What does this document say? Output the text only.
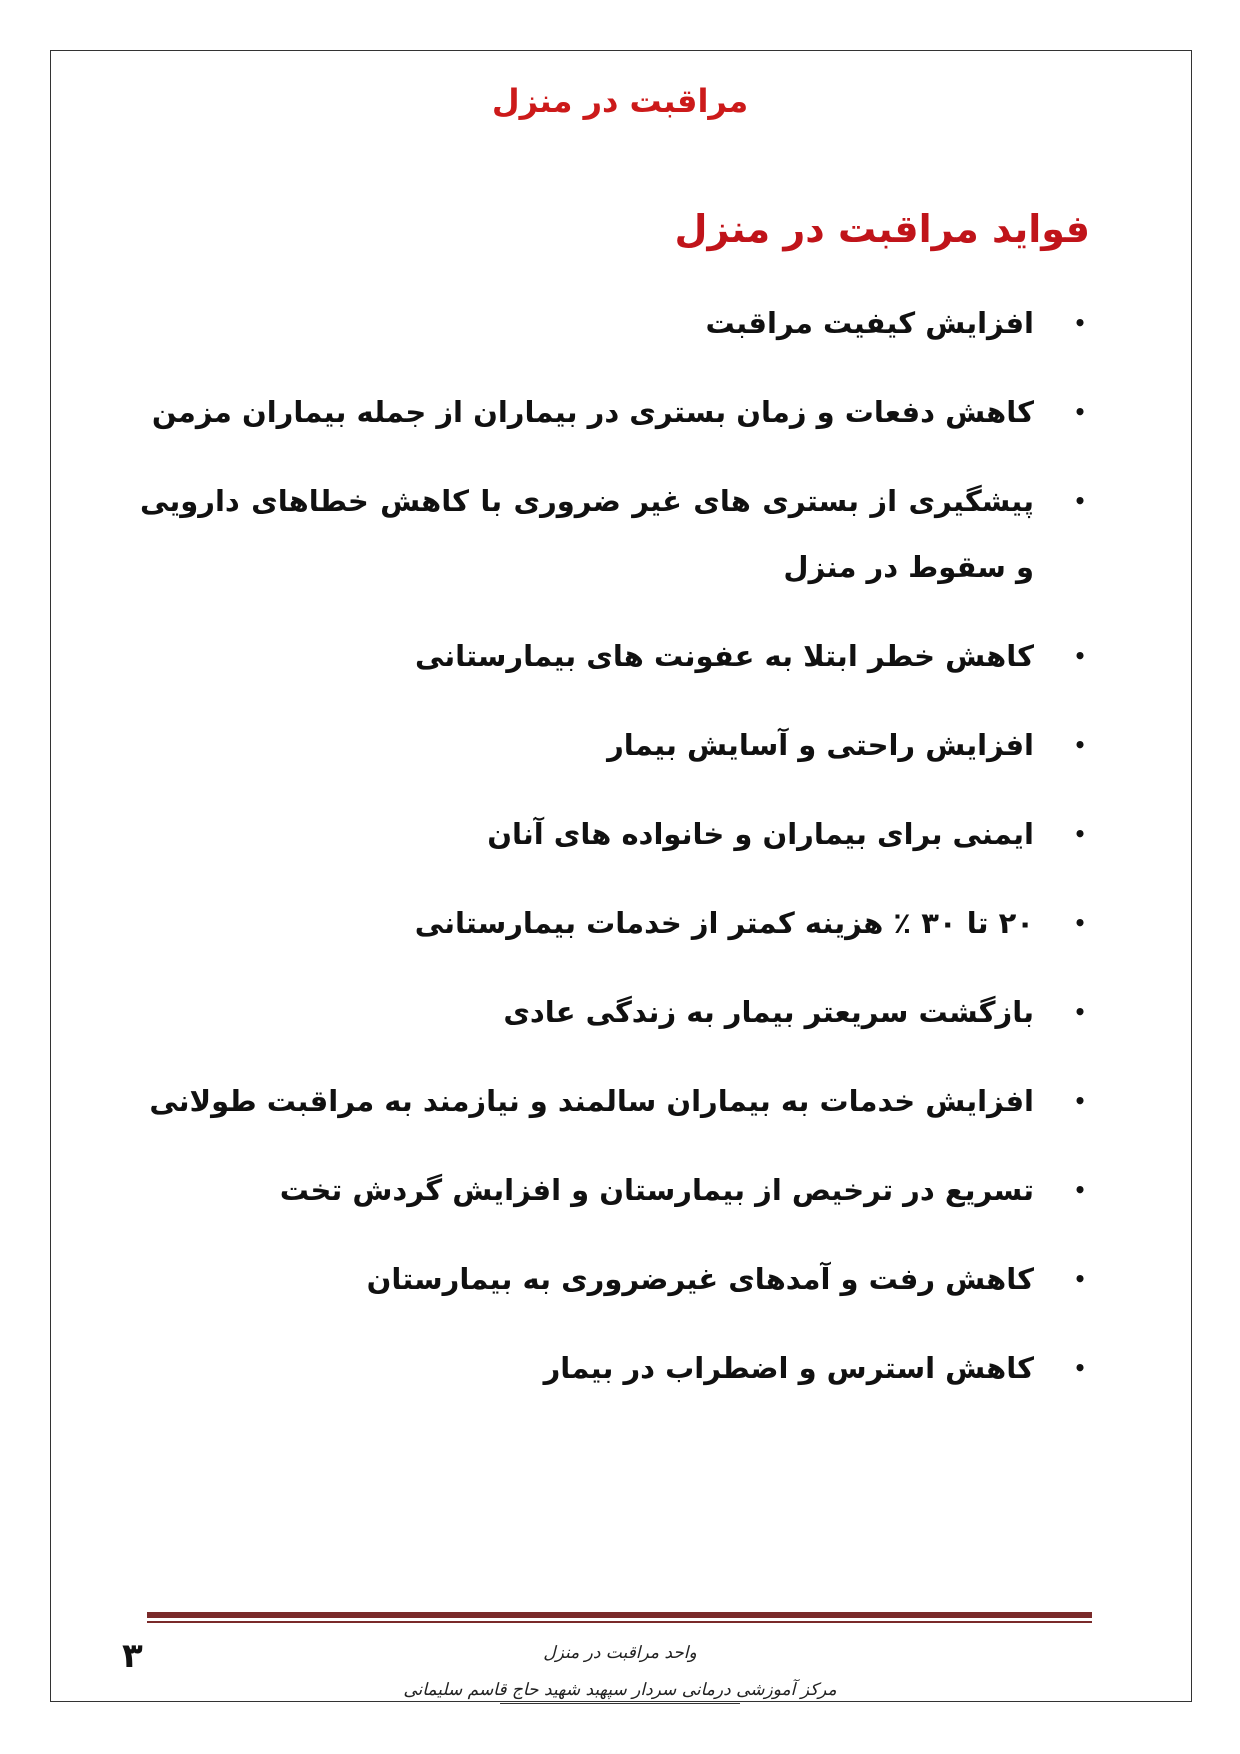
مراقبت در منزل
فواید مراقبت در منزل
•
افزایش کیفیت مراقبت
•
کاهش دفعات و زمان بستری در بیماران از جمله بیماران مزمن
•
پیشگیری از بستری های غیر ضروری با کاهش خطاهای دارویی و سقوط در منزل
•
کاهش خطر ابتلا به عفونت های بیمارستانی
•
افزایش راحتی و آسایش بیمار
•
ایمنی برای بیماران و خانواده های آنان
•
۲۰ تا ۳۰ ٪ هزینه کمتر از خدمات بیمارستانی
•
بازگشت سریعتر بیمار به زندگی عادی
•
افزایش خدمات به بیماران سالمند و نیازمند به مراقبت طولانی
•
تسریع در ترخیص از بیمارستان و افزایش گردش تخت
•
کاهش رفت و آمدهای غیرضروری به بیمارستان
•
کاهش استرس و اضطراب در بیمار
۳	واحد مراقبت در منزل
مرکز آموزشی درمانی سردار سپهبد شهید حاج قاسم سلیمانی
